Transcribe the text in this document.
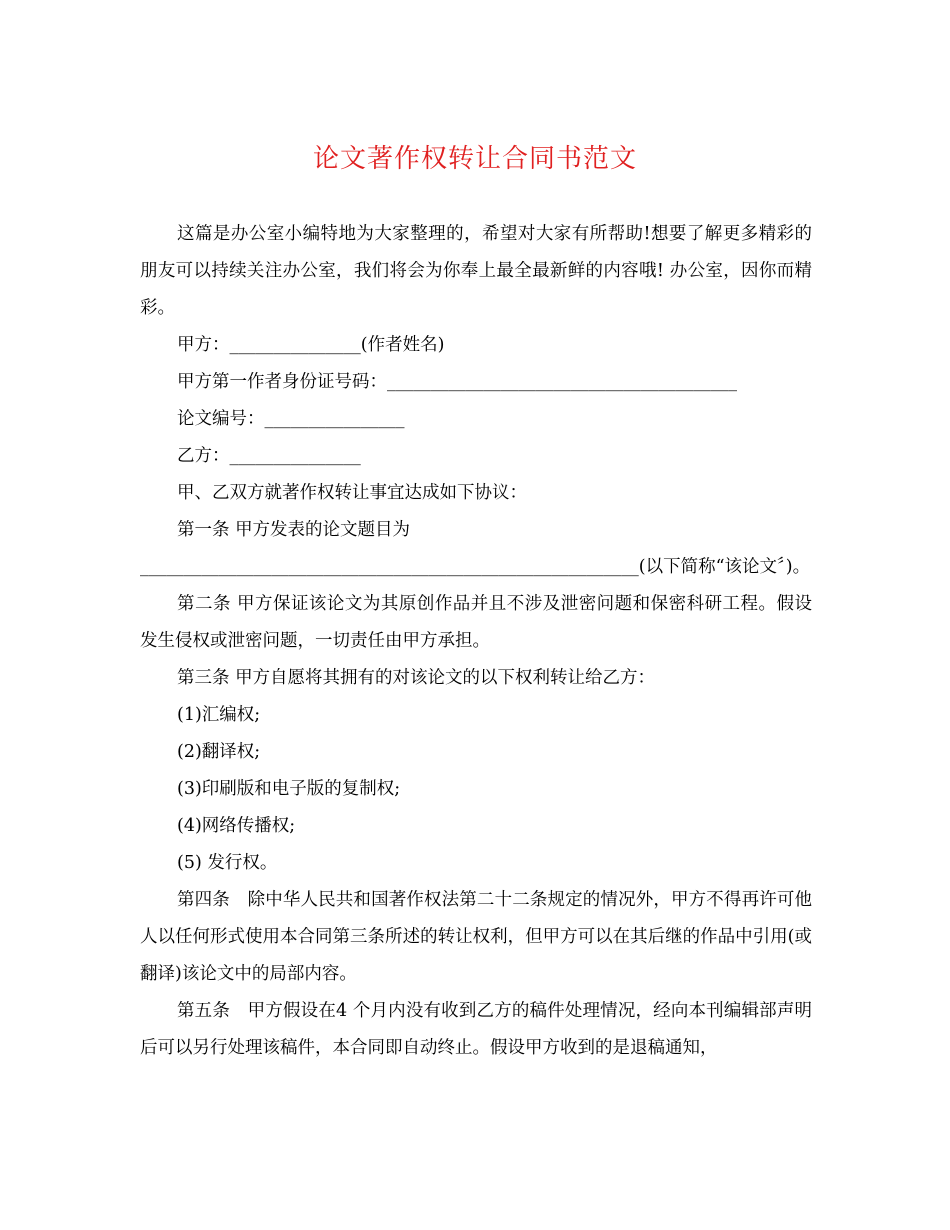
论文著作权转让合同书范文

这篇是办公室小编特地为大家整理的，希望对大家有所帮助!想要了解更多精彩的朋友可以持续关注办公室，我们将会为你奉上最全最新鲜的内容哦! 办公室，因你而精彩。

甲方：_______________(作者姓名)

甲方第一作者身份证号码：________________________________________

论文编号：________________

乙方：_______________

甲、乙双方就著作权转让事宜达成如下协议：

第一条 甲方发表的论文题目为

_________________________________________________________(以下简称“该论文〞)。

第二条 甲方保证该论文为其原创作品并且不涉及泄密问题和保密科研工程。假设发生侵权或泄密问题，一切责任由甲方承担。

第三条 甲方自愿将其拥有的对该论文的以下权利转让给乙方：

(1)汇编权;

(2)翻译权;

(3)印刷版和电子版的复制权;

(4)网络传播权;

(5) 发行权。

第四条　除中华人民共和国著作权法第二十二条规定的情况外，甲方不得再许可他人以任何形式使用本合同第三条所述的转让权利，但甲方可以在其后继的作品中引用(或翻译)该论文中的局部内容。

第五条　甲方假设在4 个月内没有收到乙方的稿件处理情况，经向本刊编辑部声明后可以另行处理该稿件，本合同即自动终止。假设甲方收到的是退稿通知，
